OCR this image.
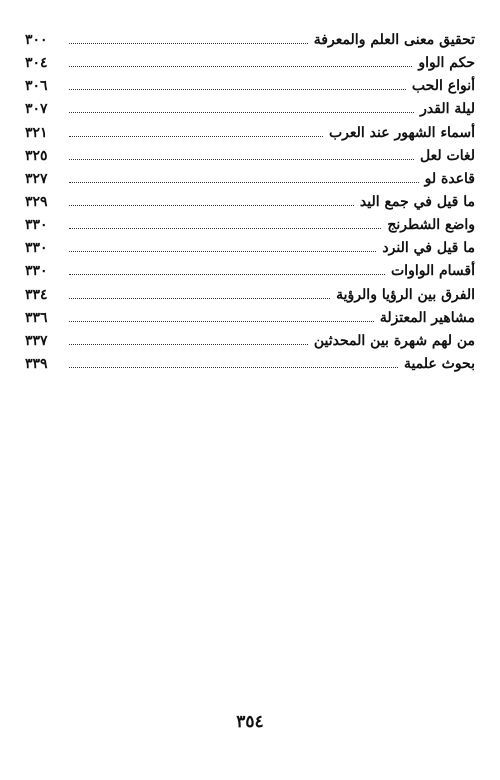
تحقيق معنى العلم والمعرفة
٣٠٠
حكم الواو
٣٠٤
أنواع الحب
٣٠٦
ليلة القدر
٣٠٧
أسماء الشهور عند العرب
٣٢١
لغات لعل
٣٢٥
قاعدة لو
٣٢٧
ما قيل في جمع اليد
٣٢٩
واضع الشطرنج
٣٣٠
ما قيل في النرد
٣٣٠
أقسام الواوات
٣٣٠
الفرق بين الرؤيا والرؤية
٣٣٤
مشاهير المعتزلة
٣٣٦
من لهم شهرة بين المحدثين
٣٣٧
بحوث علمية
٣٣٩
٣٥٤
